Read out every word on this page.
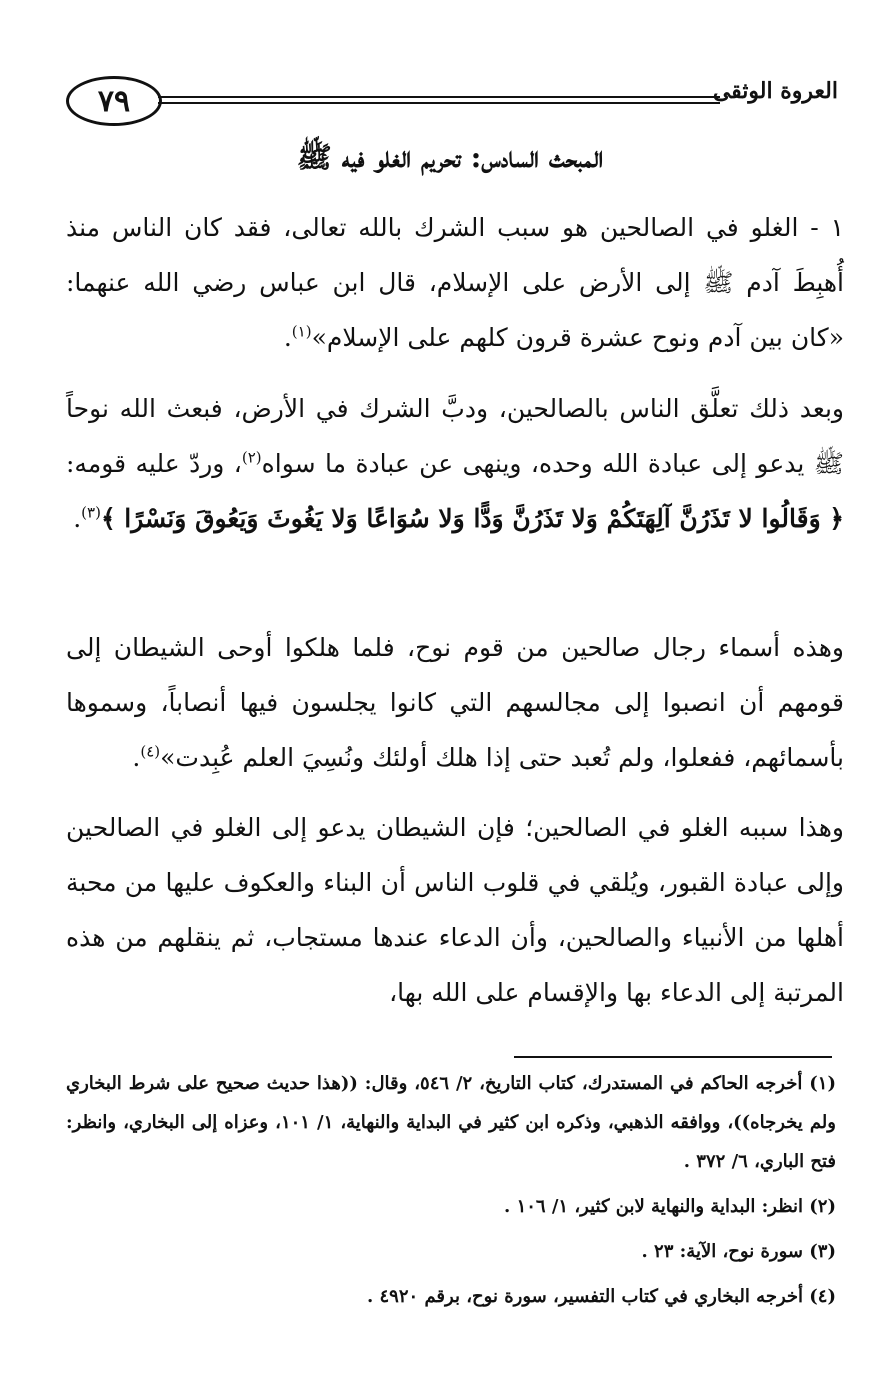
٧٩	العروة الوثقى
المبحث السادس: تحريم الغلو فيه ﷺ

١ - الغلو في الصالحين هو سبب الشرك بالله تعالى، فقد كان الناس منذ أُهبِطَ آدم ﷺ إلى الأرض على الإسلام، قال ابن عباس رضي الله عنهما: «كان بين آدم ونوح عشرة قرون كلهم على الإسلام»$^{(١)}$.

وبعد ذلك تعلَّق الناس بالصالحين، ودبَّ الشرك في الأرض، فبعث الله نوحاً ﷺ يدعو إلى عبادة الله وحده، وينهى عن عبادة ما سواه$^{(٢)}$، وردّ عليه قومه: ﴿ وَقَالُوا لا تَذَرُنَّ آلِهَتَكُمْ وَلا تَذَرُنَّ وَدًّا وَلا سُوَاعًا وَلا يَغُوثَ وَيَعُوقَ وَنَسْرًا ﴾$^{(٣)}$.

وهذه أسماء رجال صالحين من قوم نوح، فلما هلكوا أوحى الشيطان إلى قومهم أن انصبوا إلى مجالسهم التي كانوا يجلسون فيها أنصاباً، وسموها بأسمائهم، ففعلوا، ولم تُعبد حتى إذا هلك أولئك ونُسِيَ العلم عُبِدت»$^{(٤)}$.

وهذا سببه الغلو في الصالحين؛ فإن الشيطان يدعو إلى الغلو في الصالحين وإلى عبادة القبور، ويُلقي في قلوب الناس أن البناء والعكوف عليها من محبة أهلها من الأنبياء والصالحين، وأن الدعاء عندها مستجاب، ثم ينقلهم من هذه المرتبة إلى الدعاء بها والإقسام على الله بها،

(١) أخرجه الحاكم في المستدرك، كتاب التاريخ، ٢/ ٥٤٦، وقال: ((هذا حديث صحيح على شرط البخاري ولم يخرجاه))، ووافقه الذهبي، وذكره ابن كثير في البداية والنهاية، ١/ ١٠١، وعزاه إلى البخاري، وانظر: فتح الباري، ٦/ ٣٧٢ .

(٢) انظر: البداية والنهاية لابن كثير، ١/ ١٠٦ .

(٣) سورة نوح، الآية: ٢٣ .

(٤) أخرجه البخاري في كتاب التفسير، سورة نوح، برقم ٤٩٢٠ .
